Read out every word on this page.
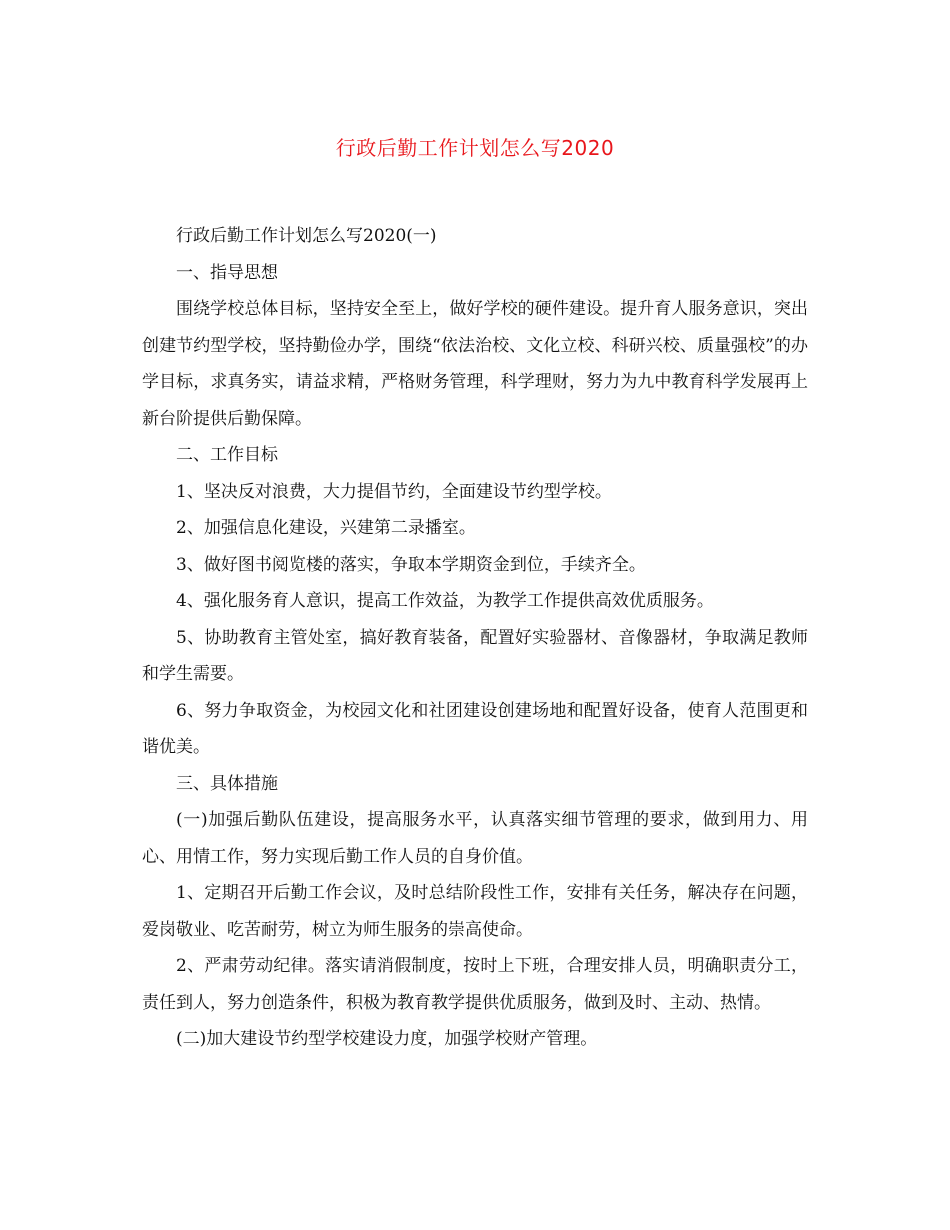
行政后勤工作计划怎么写2020

行政后勤工作计划怎么写2020(一)

一、指导思想

围绕学校总体目标，坚持安全至上，做好学校的硬件建设。提升育人服务意识，突出创建节约型学校，坚持勤俭办学，围绕“依法治校、文化立校、科研兴校、质量强校”的办学目标，求真务实，请益求精，严格财务管理，科学理财，努力为九中教育科学发展再上新台阶提供后勤保障。

二、工作目标

1、坚决反对浪费，大力提倡节约，全面建设节约型学校。

2、加强信息化建设，兴建第二录播室。

3、做好图书阅览楼的落实，争取本学期资金到位，手续齐全。

4、强化服务育人意识，提高工作效益，为教学工作提供高效优质服务。

5、协助教育主管处室，搞好教育装备，配置好实验器材、音像器材，争取满足教师和学生需要。

6、努力争取资金，为校园文化和社团建设创建场地和配置好设备，使育人范围更和谐优美。

三、具体措施

(一)加强后勤队伍建设，提高服务水平，认真落实细节管理的要求，做到用力、用心、用情工作，努力实现后勤工作人员的自身价值。

1、定期召开后勤工作会议，及时总结阶段性工作，安排有关任务，解决存在问题，爱岗敬业、吃苦耐劳，树立为师生服务的崇高使命。

2、严肃劳动纪律。落实请消假制度，按时上下班，合理安排人员，明确职责分工，责任到人，努力创造条件，积极为教育教学提供优质服务，做到及时、主动、热情。

(二)加大建设节约型学校建设力度，加强学校财产管理。
